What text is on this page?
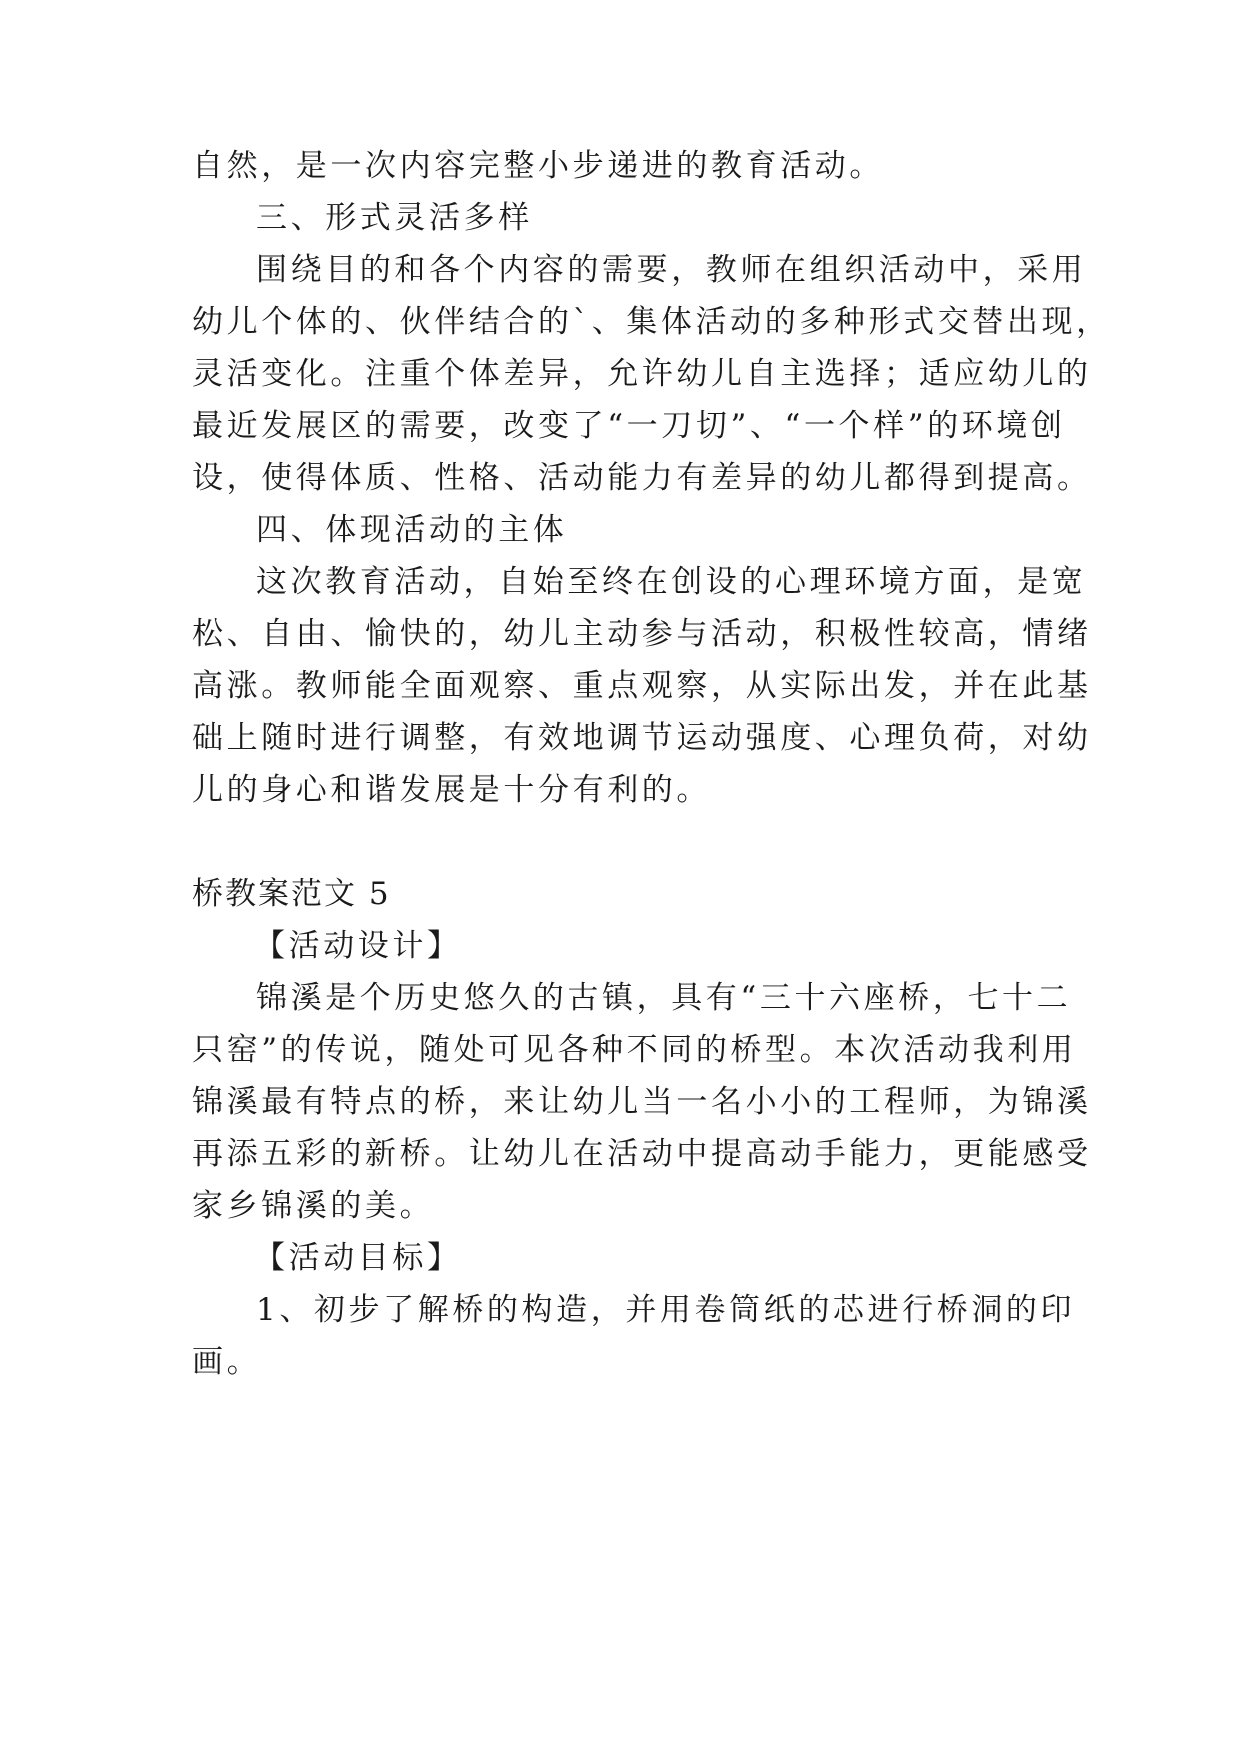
自然，是一次内容完整小步递进的教育活动。
三、形式灵活多样
围绕目的和各个内容的需要，教师在组织活动中，采用
幼儿个体的、伙伴结合的`、集体活动的多种形式交替出现，
灵活变化。注重个体差异，允许幼儿自主选择；适应幼儿的
最近发展区的需要，改变了“一刀切”、“一个样”的环境创
设，使得体质、性格、活动能力有差异的幼儿都得到提高。
四、体现活动的主体
这次教育活动，自始至终在创设的心理环境方面，是宽
松、自由、愉快的，幼儿主动参与活动，积极性较高，情绪
高涨。教师能全面观察、重点观察，从实际出发，并在此基
础上随时进行调整，有效地调节运动强度、心理负荷，对幼
儿的身心和谐发展是十分有利的。
桥教案范文 5
【活动设计】
锦溪是个历史悠久的古镇，具有“三十六座桥，七十二
只窑”的传说，随处可见各种不同的桥型。本次活动我利用
锦溪最有特点的桥，来让幼儿当一名小小的工程师，为锦溪
再添五彩的新桥。让幼儿在活动中提高动手能力，更能感受
家乡锦溪的美。
【活动目标】
1、初步了解桥的构造，并用卷筒纸的芯进行桥洞的印
画。
